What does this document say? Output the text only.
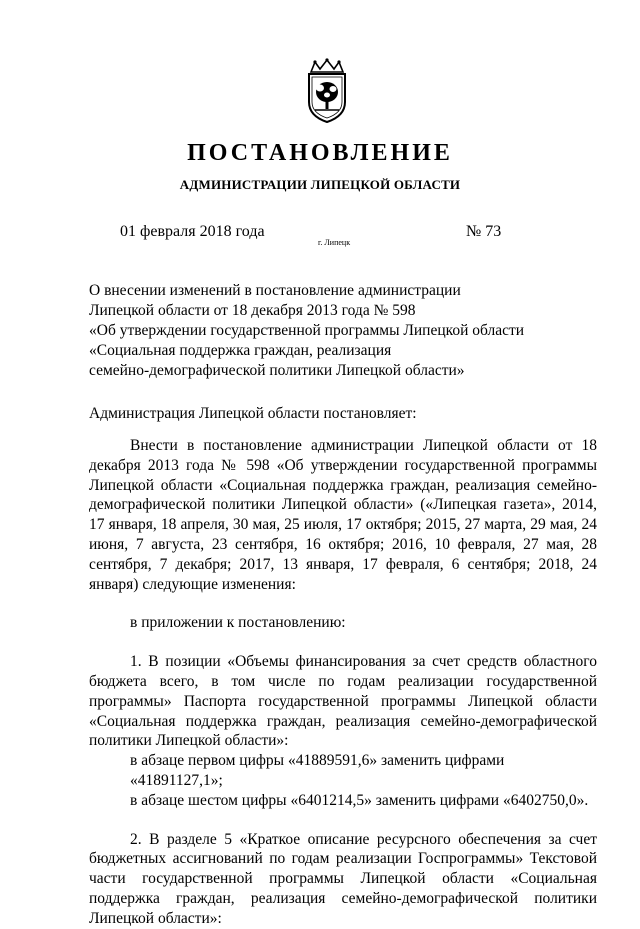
ПОСТАНОВЛЕНИЕ
АДМИНИСТРАЦИИ ЛИПЕЦКОЙ ОБЛАСТИ
01 февраля 2018 года
г. Липецк
№ 73
О внесении изменений в постановление администрации
Липецкой области от 18 декабря 2013 года № 598
«Об утверждении государственной программы Липецкой области
«Социальная поддержка граждан, реализация
семейно-демографической политики Липецкой области»
Администрация Липецкой области постановляет:

Внести в постановление администрации Липецкой области от 18 декабря 2013 года № 598 «Об утверждении государственной программы Липецкой области «Социальная поддержка граждан, реализация семейно-демографической политики Липецкой области» («Липецкая газета», 2014, 17 января, 18 апреля, 30 мая, 25 июля, 17 октября; 2015, 27 марта, 29 мая, 24 июня, 7 августа, 23 сентября, 16 октября; 2016, 10 февраля, 27 мая, 28 сентября, 7 декабря; 2017, 13 января, 17 февраля, 6 сентября; 2018, 24 января) следующие изменения:

в приложении к постановлению:

1. В позиции «Объемы финансирования за счет средств областного бюджета всего, в том числе по годам реализации государственной программы» Паспорта государственной программы Липецкой области «Социальная поддержка граждан, реализация семейно-демографической политики Липецкой области»:

в абзаце первом цифры «41889591,6» заменить цифрами «41891127,1»;

в абзаце шестом цифры «6401214,5» заменить цифрами «6402750,0».

2. В разделе 5 «Краткое описание ресурсного обеспечения за счет бюджетных ассигнований по годам реализации Госпрограммы» Текстовой части государственной программы Липецкой области «Социальная поддержка граждан, реализация семейно-демографической политики Липецкой области»:
